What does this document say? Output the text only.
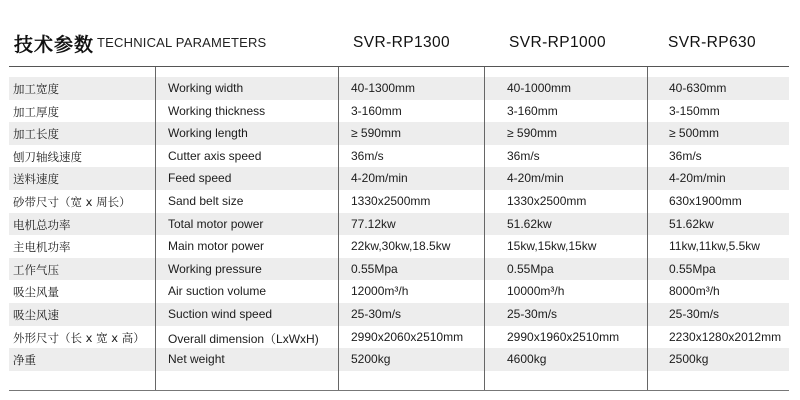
技术参数 TECHNICAL PARAMETERS	SVR-RP1300	SVR-RP1000	SVR-RP630
加工宽度	Working width	40-1300mm	40-1000mm	40-630mm
加工厚度	Working thickness	3-160mm	3-160mm	3-150mm
加工长度	Working length	≥ 590mm	≥ 590mm	≥ 500mm
刨刀轴线速度	Cutter axis speed	36m/s	36m/s	36m/s
送料速度	Feed speed	4-20m/min	4-20m/min	4-20m/min
砂带尺寸（宽 x 周长）	Sand belt size	1330x2500mm	1330x2500mm	630x1900mm
电机总功率	Total motor power	77.12kw	51.62kw	51.62kw
主电机功率	Main motor power	22kw,30kw,18.5kw	15kw,15kw,15kw	11kw,11kw,5.5kw
工作气压	Working pressure	0.55Mpa	0.55Mpa	0.55Mpa
吸尘风量	Air suction volume	12000m³/h	10000m³/h	8000m³/h
吸尘风速	Suction wind speed	25-30m/s	25-30m/s	25-30m/s
外形尺寸（长 x 宽 x 高） Overall dimension（LxWxH)	2990x2060x2510mm	2990x1960x2510mm	2230x1280x2012mm
净重	Net weight	5200kg	4600kg	2500kg
